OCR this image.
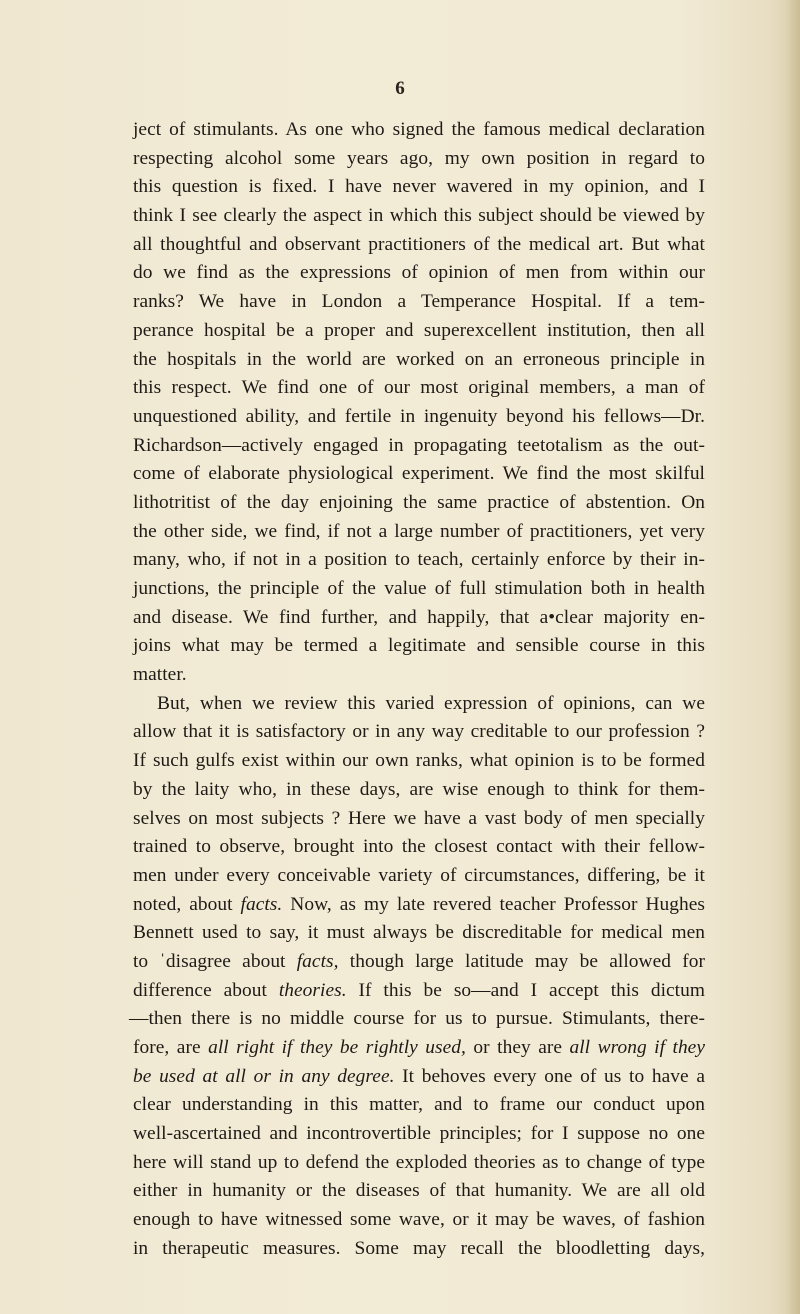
6
ject of stimulants. As one who signed the famous medical declaration
respecting alcohol some years ago, my own position in regard to
this question is fixed. I have never wavered in my opinion, and I
think I see clearly the aspect in which this subject should be viewed by
all thoughtful and observant practitioners of the medical art. But what
do we find as the expressions of opinion of men from within our
ranks? We have in London a Temperance Hospital. If a tem-
perance hospital be a proper and superexcellent institution, then all
the hospitals in the world are worked on an erroneous principle in
this respect. We find one of our most original members, a man of
unquestioned ability, and fertile in ingenuity beyond his fellows—Dr.
Richardson—actively engaged in propagating teetotalism as the out-
come of elaborate physiological experiment. We find the most skilful
lithotritist of the day enjoining the same practice of abstention. On
the other side, we find, if not a large number of practitioners, yet very
many, who, if not in a position to teach, certainly enforce by their in-
junctions, the principle of the value of full stimulation both in health
and disease. We find further, and happily, that a•clear majority en-
joins what may be termed a legitimate and sensible course in this
matter.
But, when we review this varied expression of opinions, can we
allow that it is satisfactory or in any way creditable to our profession ?
If such gulfs exist within our own ranks, what opinion is to be formed
by the laity who, in these days, are wise enough to think for them-
selves on most subjects ? Here we have a vast body of men specially
trained to observe, brought into the closest contact with their fellow-
men under every conceivable variety of circumstances, differing, be it
noted, about facts. Now, as my late revered teacher Professor Hughes
Bennett used to say, it must always be discreditable for medical men
to ˈdisagree about facts, though large latitude may be allowed for
difference about theories. If this be so—and I accept this dictum
—then there is no middle course for us to pursue. Stimulants, there-
fore, are all right if they be rightly used, or they are all wrong if they
be used at all or in any degree. It behoves every one of us to have a
clear understanding in this matter, and to frame our conduct upon
well-ascertained and incontrovertible principles; for I suppose no one
here will stand up to defend the exploded theories as to change of type
either in humanity or the diseases of that humanity. We are all old
enough to have witnessed some wave, or it may be waves, of fashion
in therapeutic measures. Some may recall the bloodletting days,
